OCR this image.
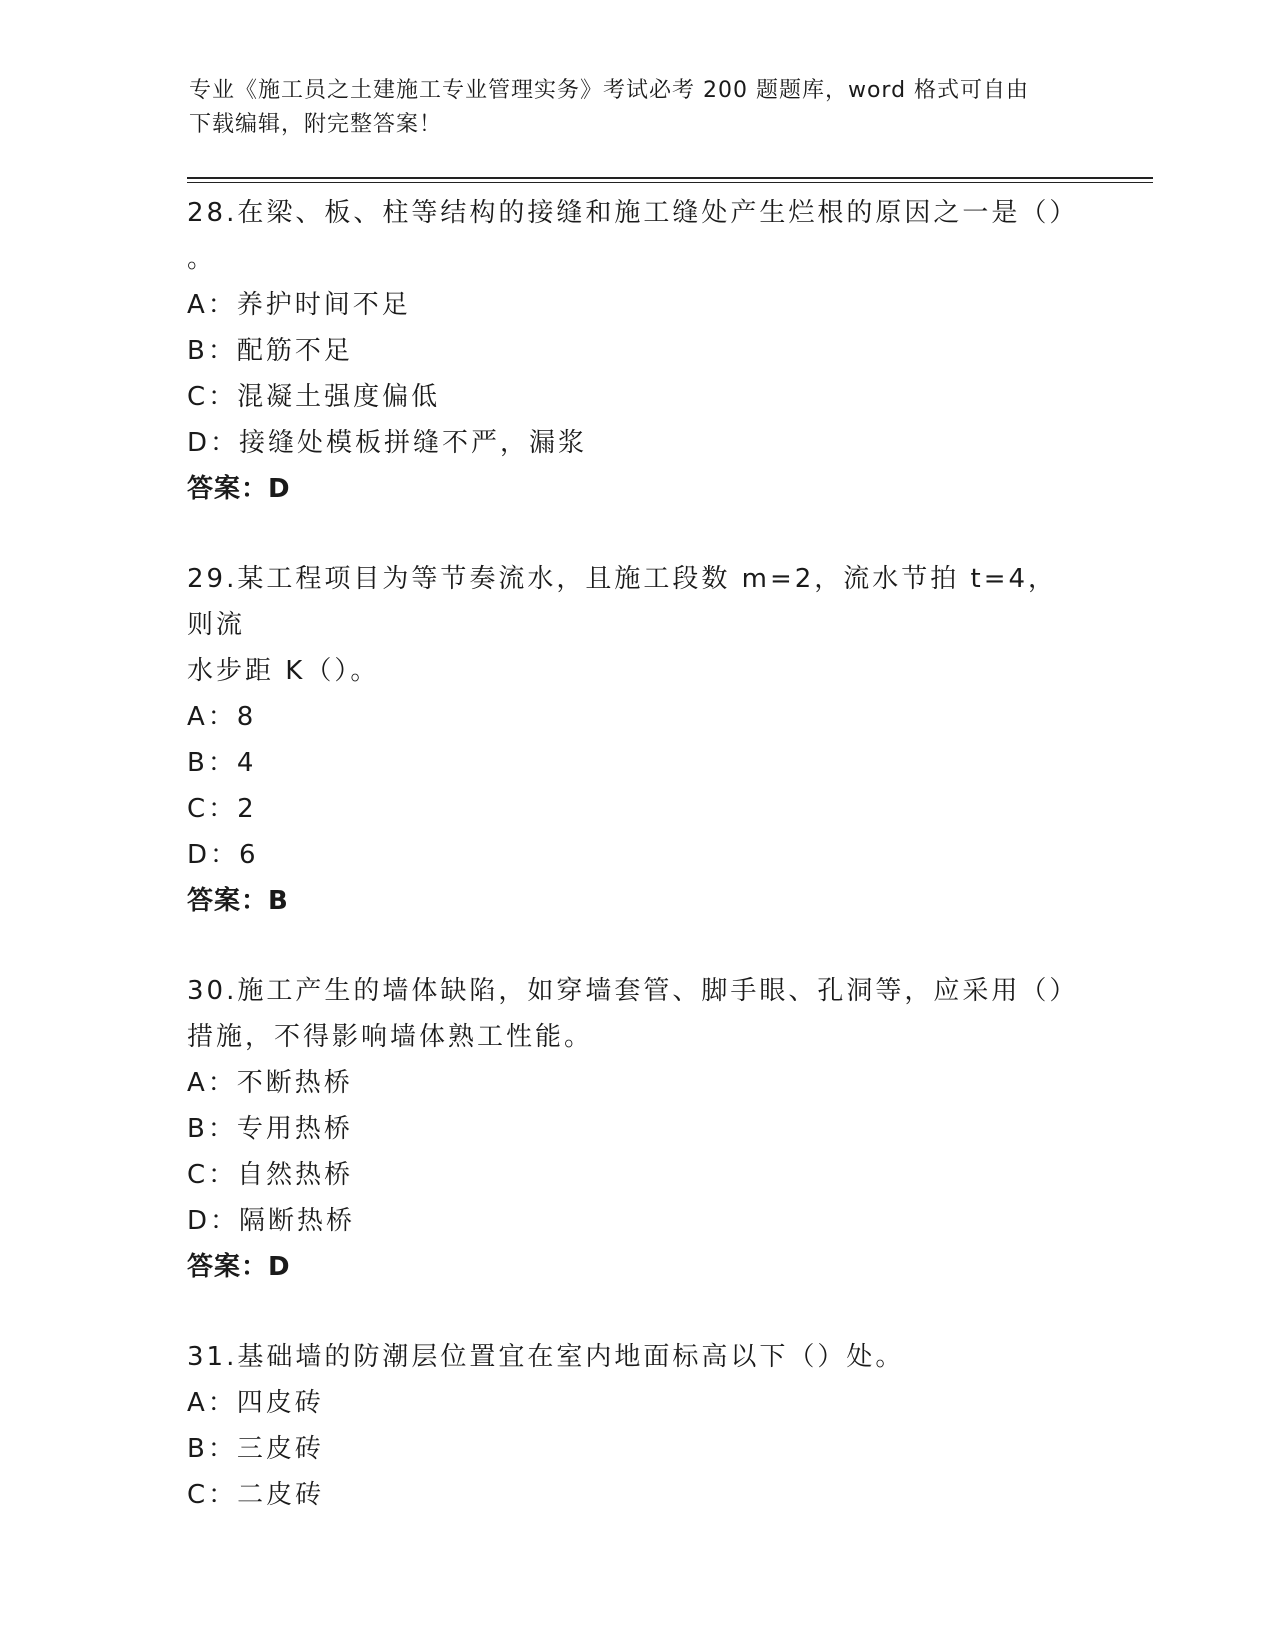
专业《施工员之土建施工专业管理实务》考试必考 200 题题库，word 格式可自由
下载编辑，附完整答案！

28.在梁、板、柱等结构的接缝和施工缝处产生烂根的原因之一是（）

。

A：养护时间不足

B：配筋不足

C：混凝土强度偏低

D：接缝处模板拼缝不严，漏浆

答案：D

29.某工程项目为等节奏流水，且施工段数 m=2，流水节拍 t=4，则流

水步距 K（）。

A：8

B：4

C：2

D：6

答案：B

30.施工产生的墙体缺陷，如穿墙套管、脚手眼、孔洞等，应采用（）

措施，不得影响墙体熟工性能。

A：不断热桥

B：专用热桥

C：自然热桥

D：隔断热桥

答案：D

31.基础墙的防潮层位置宜在室内地面标高以下（）处。

A：四皮砖

B：三皮砖

C：二皮砖
